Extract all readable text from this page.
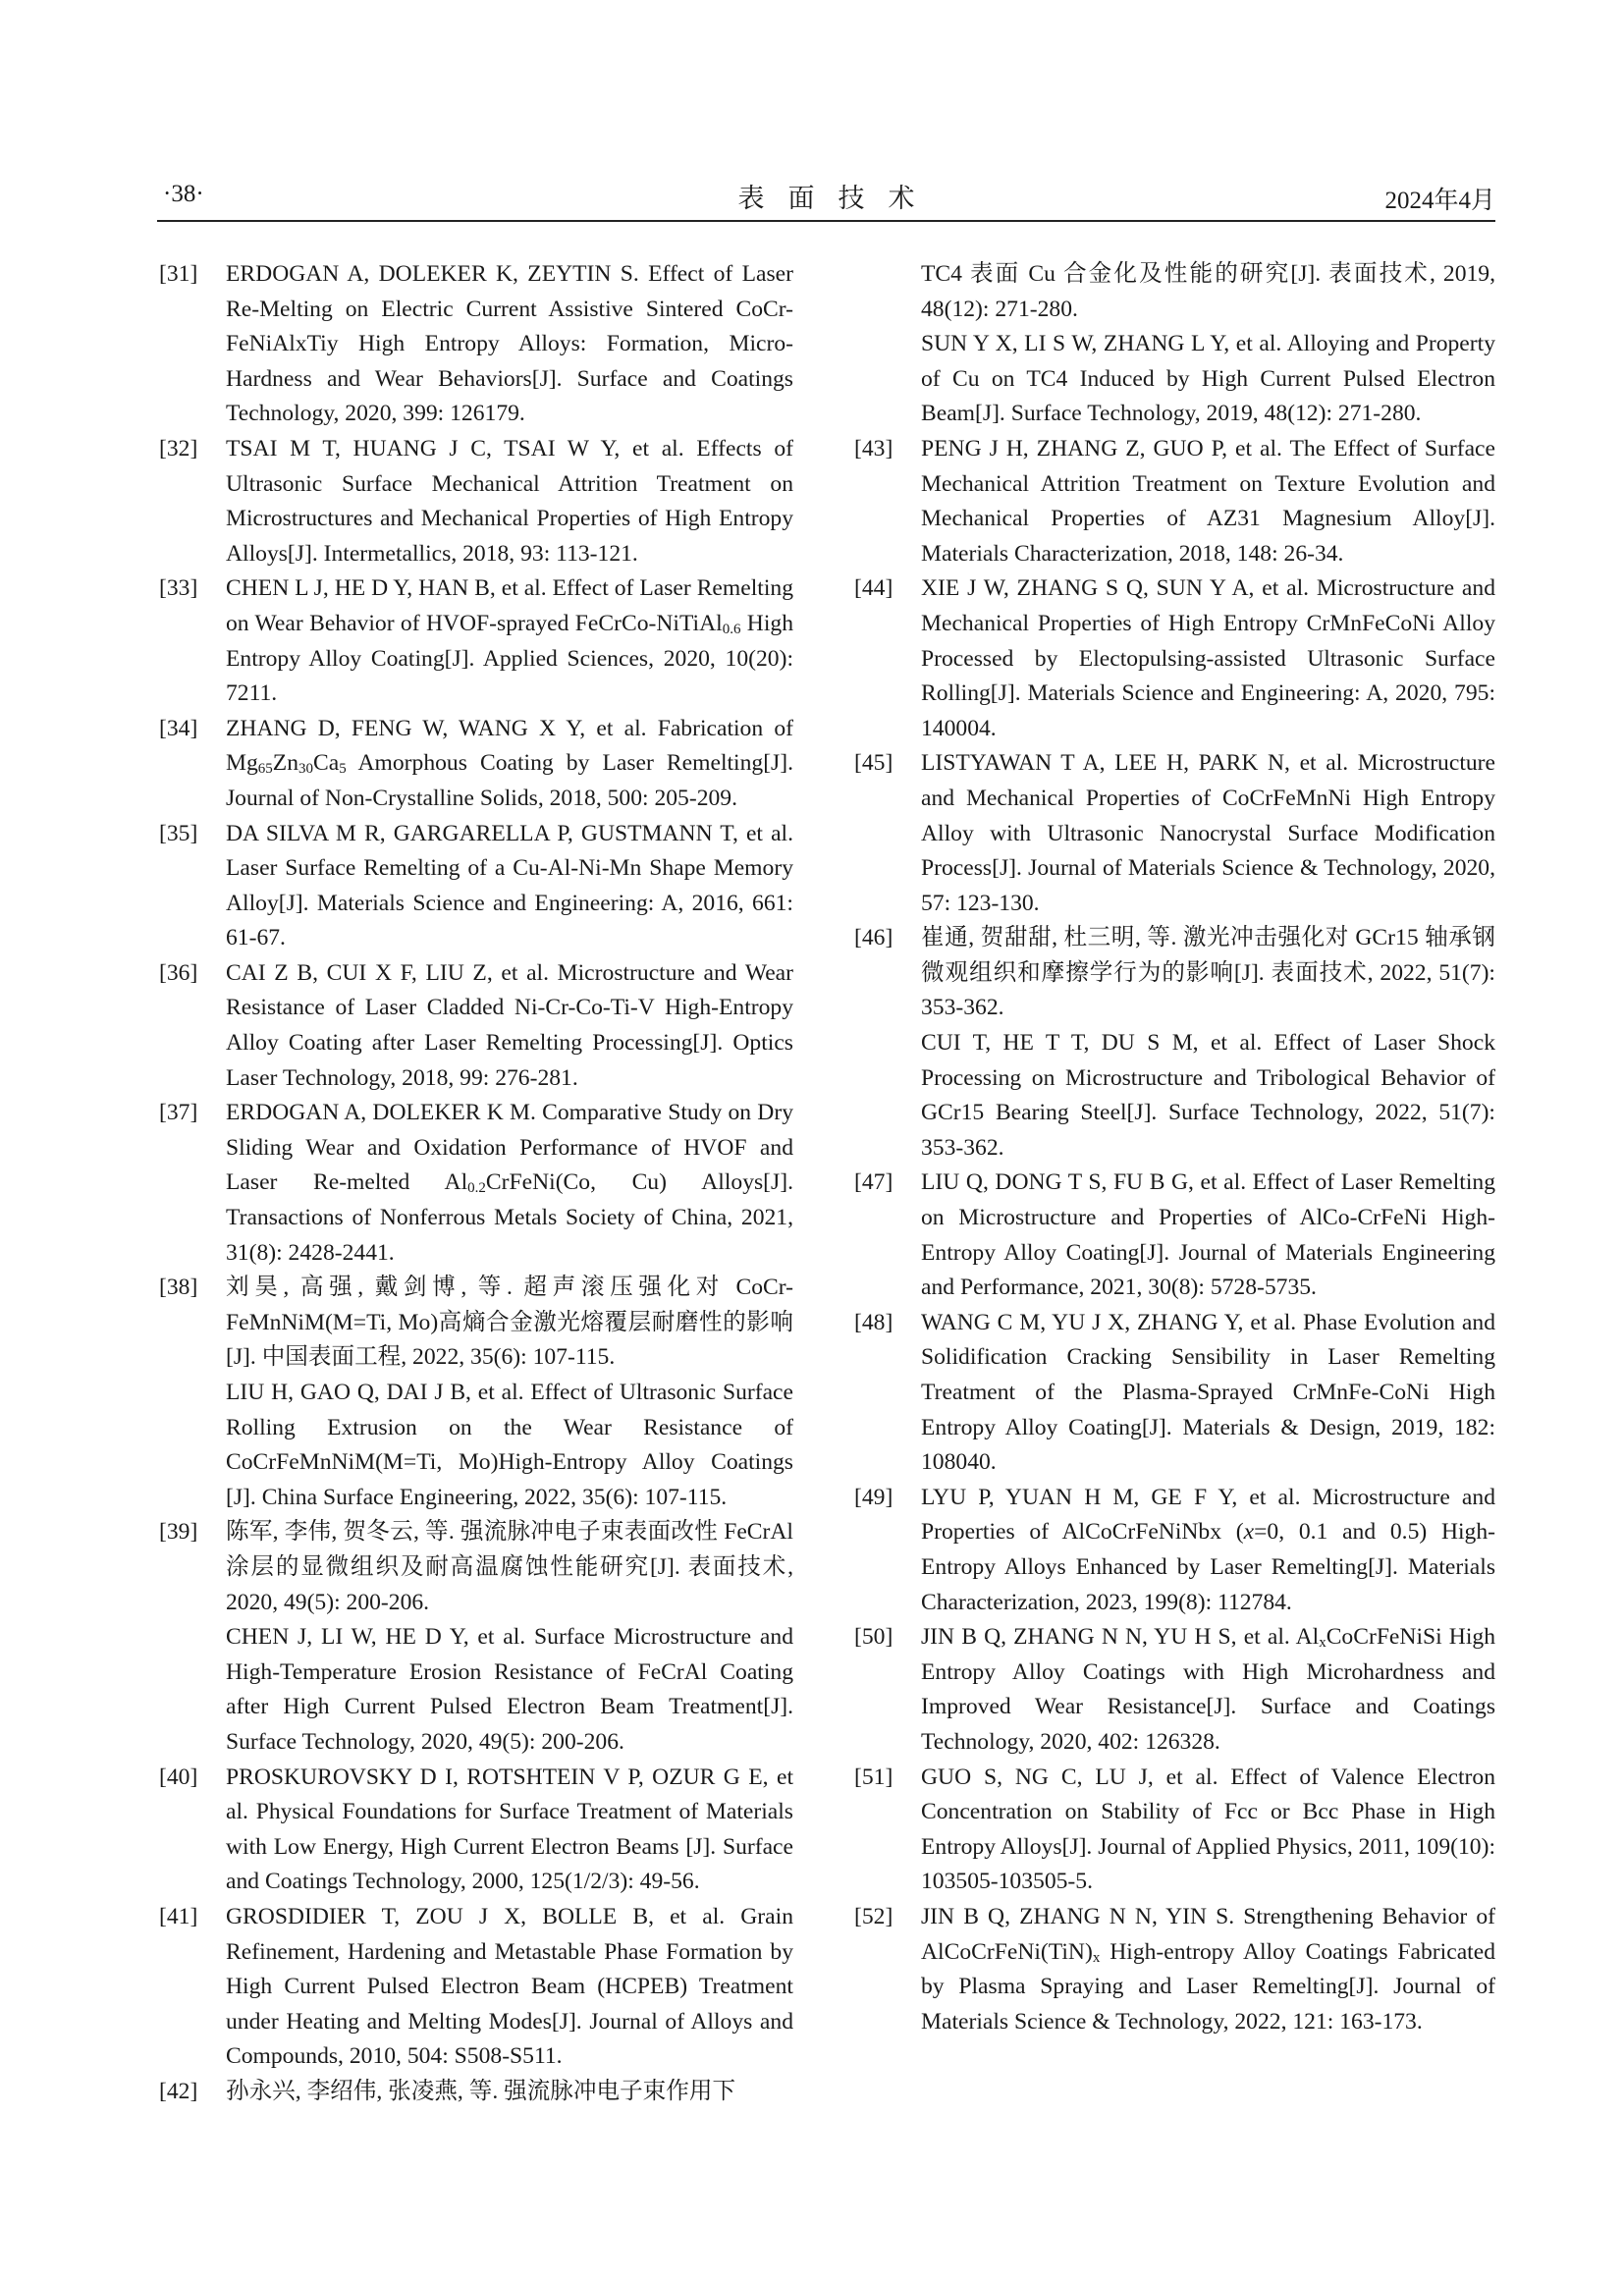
·38·	表面技术	2024年4月
[31] ERDOGAN A, DOLEKER K, ZEYTIN S. Effect of Laser Re-Melting on Electric Current Assistive Sintered CoCr-FeNiAlxTiy High Entropy Alloys: Formation, Micro-Hardness and Wear Behaviors[J]. Surface and Coatings Technology, 2020, 399: 126179.
[32] TSAI M T, HUANG J C, TSAI W Y, et al. Effects of Ultrasonic Surface Mechanical Attrition Treatment on Microstructures and Mechanical Properties of High Entropy Alloys[J]. Intermetallics, 2018, 93: 113-121.
[33] CHEN L J, HE D Y, HAN B, et al. Effect of Laser Remelting on Wear Behavior of HVOF-sprayed FeCrCo-NiTiAl$_{0.6}$ High Entropy Alloy Coating[J]. Applied Sciences, 2020, 10(20): 7211.
[34] ZHANG D, FENG W, WANG X Y, et al. Fabrication of $Mg_{65}Zn_{30}Ca_5$ Amorphous Coating by Laser Remelting[J]. Journal of Non-Crystalline Solids, 2018, 500: 205-209.
[35] DA SILVA M R, GARGARELLA P, GUSTMANN T, et al. Laser Surface Remelting of a Cu-Al-Ni-Mn Shape Memory Alloy[J]. Materials Science and Engineering: A, 2016, 661: 61-67.
[36] CAI Z B, CUI X F, LIU Z, et al. Microstructure and Wear Resistance of Laser Cladded Ni-Cr-Co-Ti-V High-Entropy Alloy Coating after Laser Remelting Processing[J]. Optics Laser Technology, 2018, 99: 276-281.
[37] ERDOGAN A, DOLEKER K M. Comparative Study on Dry Sliding Wear and Oxidation Performance of HVOF and Laser Re-melted $Al_{0.2}CrFeNi(Co$, Cu) Alloys[J]. Transactions of Nonferrous Metals Society of China, 2021, 31(8): 2428-2441.
[38] 刘昊, 高强, 戴剑博, 等. 超声滚压强化对 CoCr-FeMnNiM(M=Ti, Mo)高熵合金激光熔覆层耐磨性的影响[J]. 中国表面工程, 2022, 35(6): 107-115.
LIU H, GAO Q, DAI J B, et al. Effect of Ultrasonic Surface Rolling Extrusion on the Wear Resistance of CoCrFeMnNiM(M=Ti, Mo)High-Entropy Alloy Coatings [J]. China Surface Engineering, 2022, 35(6): 107-115.
[39] 陈军, 李伟, 贺冬云, 等. 强流脉冲电子束表面改性 FeCrAl 涂层的显微组织及耐高温腐蚀性能研究[J]. 表面技术, 2020, 49(5): 200-206.
CHEN J, LI W, HE D Y, et al. Surface Microstructure and High-Temperature Erosion Resistance of FeCrAl Coating after High Current Pulsed Electron Beam Treatment[J]. Surface Technology, 2020, 49(5): 200-206.
[40] PROSKUROVSKY D I, ROTSHTEIN V P, OZUR G E, et al. Physical Foundations for Surface Treatment of Materials with Low Energy, High Current Electron Beams [J]. Surface and Coatings Technology, 2000, 125(1/2/3): 49-56.
[41] GROSDIDIER T, ZOU J X, BOLLE B, et al. Grain Refinement, Hardening and Metastable Phase Formation by High Current Pulsed Electron Beam (HCPEB) Treatment under Heating and Melting Modes[J]. Journal of Alloys and Compounds, 2010, 504: S508-S511.
[42] 孙永兴, 李绍伟, 张凌燕, 等. 强流脉冲电子束作用下
TC4 表面 Cu 合金化及性能的研究[J]. 表面技术, 2019, 48(12): 271-280.
SUN Y X, LI S W, ZHANG L Y, et al. Alloying and Property of Cu on TC4 Induced by High Current Pulsed Electron Beam[J]. Surface Technology, 2019, 48(12): 271-280.
[43] PENG J H, ZHANG Z, GUO P, et al. The Effect of Surface Mechanical Attrition Treatment on Texture Evolution and Mechanical Properties of AZ31 Magnesium Alloy[J]. Materials Characterization, 2018, 148: 26-34.
[44] XIE J W, ZHANG S Q, SUN Y A, et al. Microstructure and Mechanical Properties of High Entropy CrMnFeCoNi Alloy Processed by Electopulsing-assisted Ultrasonic Surface Rolling[J]. Materials Science and Engineering: A, 2020, 795: 140004.
[45] LISTYAWAN T A, LEE H, PARK N, et al. Microstructure and Mechanical Properties of CoCrFeMnNi High Entropy Alloy with Ultrasonic Nanocrystal Surface Modification Process[J]. Journal of Materials Science & Technology, 2020, 57: 123-130.
[46] 崔通, 贺甜甜, 杜三明, 等. 激光冲击强化对 GCr15 轴承钢微观组织和摩擦学行为的影响[J]. 表面技术, 2022, 51(7): 353-362.
CUI T, HE T T, DU S M, et al. Effect of Laser Shock Processing on Microstructure and Tribological Behavior of GCr15 Bearing Steel[J]. Surface Technology, 2022, 51(7): 353-362.
[47] LIU Q, DONG T S, FU B G, et al. Effect of Laser Remelting on Microstructure and Properties of AlCo-CrFeNi High-Entropy Alloy Coating[J]. Journal of Materials Engineering and Performance, 2021, 30(8): 5728-5735.
[48] WANG C M, YU J X, ZHANG Y, et al. Phase Evolution and Solidification Cracking Sensibility in Laser Remelting Treatment of the Plasma-Sprayed CrMnFe-CoNi High Entropy Alloy Coating[J]. Materials & Design, 2019, 182: 108040.
[49] LYU P, YUAN H M, GE F Y, et al. Microstructure and Properties of AlCoCrFeNiNbx (x=0, 0.1 and 0.5) High-Entropy Alloys Enhanced by Laser Remelting[J]. Materials Characterization, 2023, 199(8): 112784.
[50] JIN B Q, ZHANG N N, YU H S, et al. $Al_xCoCrFeNiSi$ High Entropy Alloy Coatings with High Microhardness and Improved Wear Resistance[J]. Surface and Coatings Technology, 2020, 402: 126328.
[51] GUO S, NG C, LU J, et al. Effect of Valence Electron Concentration on Stability of Fcc or Bcc Phase in High Entropy Alloys[J]. Journal of Applied Physics, 2011, 109(10): 103505-103505-5.
[52] JIN B Q, ZHANG N N, YIN S. Strengthening Behavior of $AlCoCrFeNi(TiN)_x$ High-entropy Alloy Coatings Fabricated by Plasma Spraying and Laser Remelting[J]. Journal of Materials Science & Technology, 2022, 121: 163-173.
